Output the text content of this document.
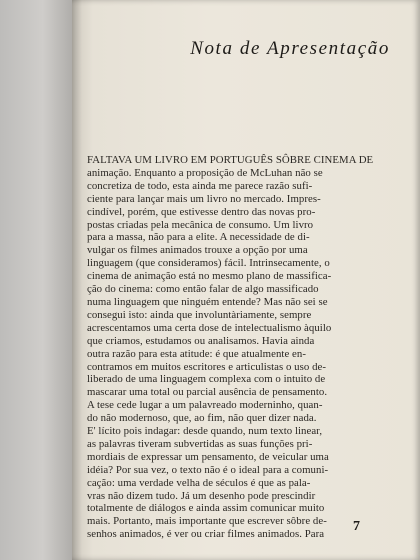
Nota de Apresentação
FALTAVA UM LIVRO EM PORTUGUÊS SÔBRE CINEMA DE
animação. Enquanto a proposição de McLuhan não se
concretiza de todo, esta ainda me parece razão sufi-
ciente para lançar mais um livro no mercado. Impres-
cindível, porém, que estivesse dentro das novas pro-
postas criadas pela mecânica de consumo. Um livro
para a massa, não para a elite. A necessidade de di-
vulgar os filmes animados trouxe a opção por uma
linguagem (que consideramos) fácil. Intrinsecamente, o
cinema de animação está no mesmo plano de massifica-
ção do cinema: como então falar de algo massificado
numa linguagem que ninguém entende? Mas não sei se
consegui isto: ainda que involuntàriamente, sempre
acrescentamos uma certa dose de intelectualismo àquilo
que criamos, estudamos ou analisamos. Havia ainda
outra razão para esta atitude: é que atualmente en-
contramos em muitos escritores e articulistas o uso de-
liberado de uma linguagem complexa com o intuito de
mascarar uma total ou parcial ausência de pensamento.
A tese cede lugar a um palavreado moderninho, quan-
do não modernoso, que, ao fim, não quer dizer nada.
E' lícito pois indagar: desde quando, num texto linear,
as palavras tiveram subvertidas as suas funções pri-
mordiais de expressar um pensamento, de veicular uma
idéia? Por sua vez, o texto não é o ideal para a comuni-
cação: uma verdade velha de séculos é que as pala-
vras não dizem tudo. Já um desenho pode prescindir
totalmente de diálogos e ainda assim comunicar muito
mais. Portanto, mais importante que escrever sôbre de-
senhos animados, é ver ou criar filmes animados. Para
7
